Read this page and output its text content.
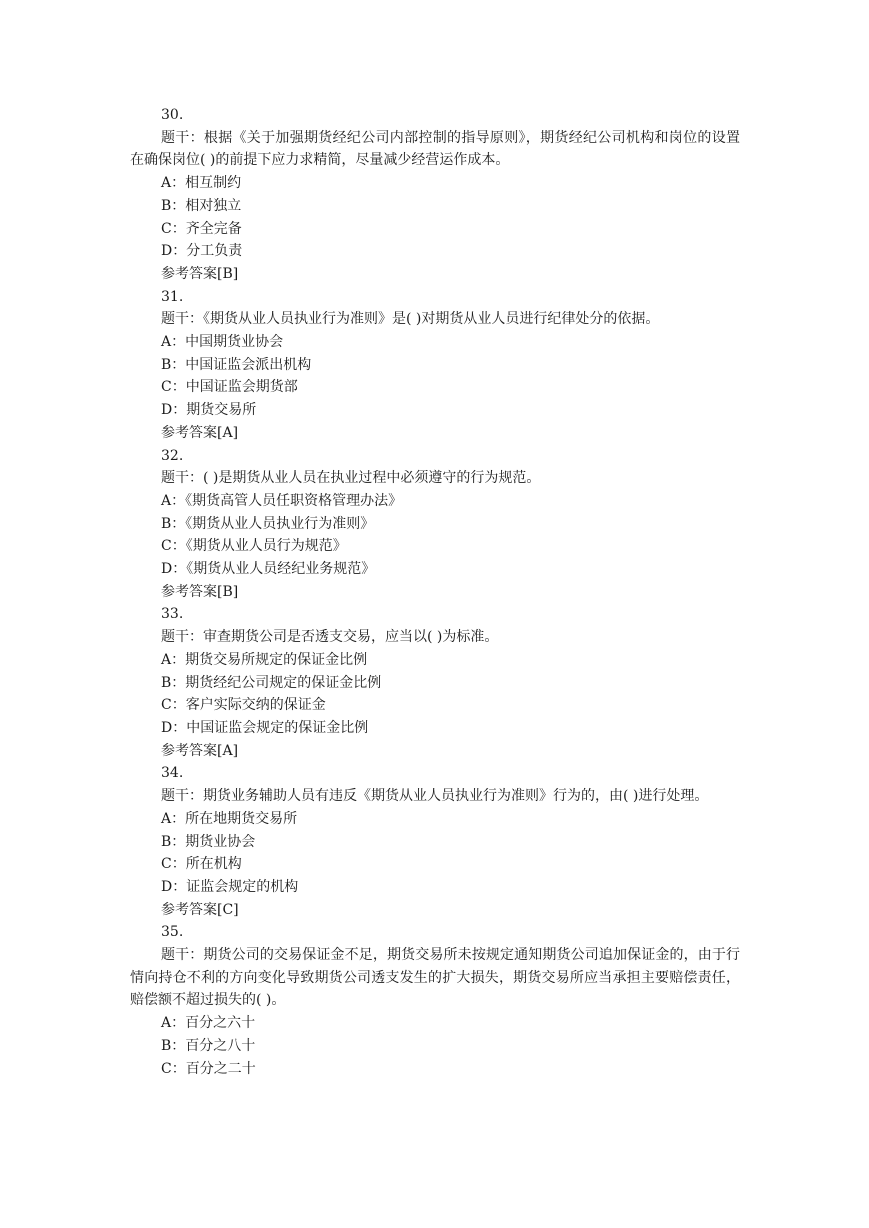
30.

题干：根据《关于加强期货经纪公司内部控制的指导原则》，期货经纪公司机构和岗位的设置在确保岗位( )的前提下应力求精简，尽量减少经营运作成本。

A：相互制约

B：相对独立

C：齐全完备

D：分工负责

参考答案[B]

31.

题干：《期货从业人员执业行为准则》是( )对期货从业人员进行纪律处分的依据。

A：中国期货业协会

B：中国证监会派出机构

C：中国证监会期货部

D：期货交易所

参考答案[A]

32.

题干：( )是期货从业人员在执业过程中必须遵守的行为规范。

A：《期货高管人员任职资格管理办法》

B：《期货从业人员执业行为准则》

C：《期货从业人员行为规范》

D：《期货从业人员经纪业务规范》

参考答案[B]

33.

题干：审查期货公司是否透支交易，应当以( )为标准。

A：期货交易所规定的保证金比例

B：期货经纪公司规定的保证金比例

C：客户实际交纳的保证金

D：中国证监会规定的保证金比例

参考答案[A]

34.

题干：期货业务辅助人员有违反《期货从业人员执业行为准则》行为的，由( )进行处理。

A：所在地期货交易所

B：期货业协会

C：所在机构

D：证监会规定的机构

参考答案[C]

35.

题干：期货公司的交易保证金不足，期货交易所未按规定通知期货公司追加保证金的，由于行情向持仓不利的方向变化导致期货公司透支发生的扩大损失，期货交易所应当承担主要赔偿责任，赔偿额不超过损失的( )。

A：百分之六十

B：百分之八十

C：百分之二十
